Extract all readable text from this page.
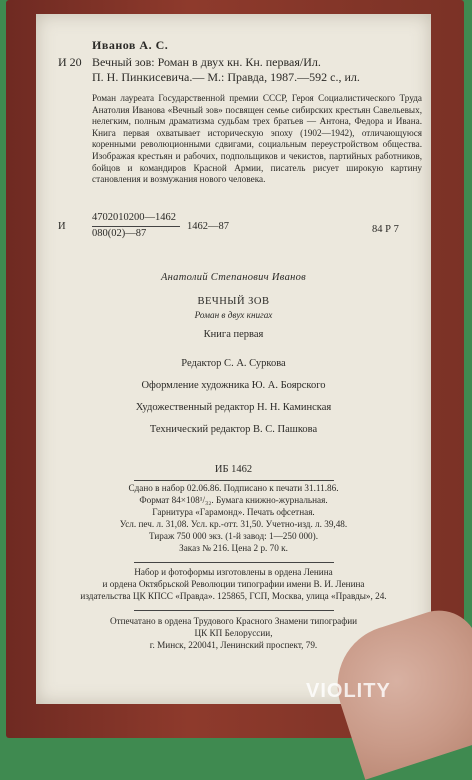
Иванов А. С.
И 20 Вечный зов: Роман в двух кн. Кн. первая/Ил.
П. Н. Пинкисевича.— М.: Правда, 1987.—592 с., ил.
Роман лауреата Государственной премии СССР, Героя Социалистического Труда Анатолия Иванова «Вечный зов» посвящен семье сибирских крестьян Савельевых, нелегким, полным драматизма судьбам трех братьев — Антона, Федора и Ивана. Книга первая охватывает историческую эпоху (1902—1942), отличающуюся коренными революционными сдвигами, социальным переустройством общества. Изображая крестьян и рабочих, подпольщиков и чекистов, партийных работников, бойцов и командиров Красной Армии, писатель рисует широкую картину становления и возмужания нового человека.
И
4702010200—1462
080(02)—87
1462—87	84 Р 7
Анатолий Степанович Иванов
ВЕЧНЫЙ ЗОВ
Роман в двух книгах
Книга первая
Редактор С. А. Суркова
Оформление художника Ю. А. Боярского
Художественный редактор Н. Н. Каминская
Технический редактор В. С. Пашкова
ИБ 1462
Сдано в набор 02.06.86. Подписано к печати 31.11.86.
Формат 84×108¹/₃₂. Бумага книжно-журнальная.
Гарнитура «Гарамонд». Печать офсетная.
Усл. печ. л. 31,08. Усл. кр.-отт. 31,50. Учетно-изд. л. 39,48.
Тираж 750 000 экз. (1-й завод: 1—250 000).
Заказ № 216. Цена 2 р. 70 к.
Набор и фотоформы изготовлены в ордена Ленина
и ордена Октябрьской Революции типографии имени В. И. Ленина
издательства ЦК КПСС «Правда». 125865, ГСП, Москва, улица «Правды», 24.
Отпечатано в ордена Трудового Красного Знамени типографии
ЦК КП Белоруссии,
г. Минск, 220041, Ленинский проспект, 79.
VIOLITY
